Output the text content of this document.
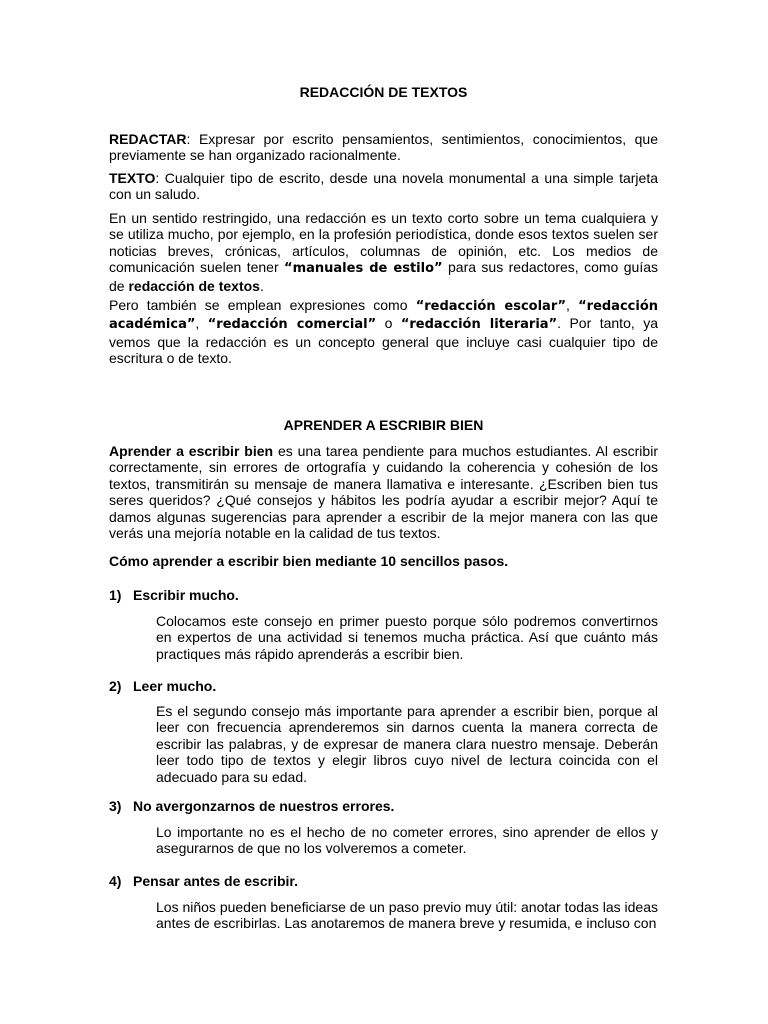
REDACCIÓN DE TEXTOS

REDACTAR: Expresar por escrito pensamientos, sentimientos, conocimientos, que previamente se han organizado racionalmente.

TEXTO: Cualquier tipo de escrito, desde una novela monumental a una simple tarjeta con un saludo.

En un sentido restringido, una redacción es un texto corto sobre un tema cualquiera y se utiliza mucho, por ejemplo, en la profesión periodística, donde esos textos suelen ser noticias breves, crónicas, artículos, columnas de opinión, etc. Los medios de comunicación suelen tener “manuales de estilo” para sus redactores, como guías de redacción de textos.

Pero también se emplean expresiones como “redacción escolar”, “redacción académica”, “redacción comercial” o “redacción literaria”. Por tanto, ya vemos que la redacción es un concepto general que incluye casi cualquier tipo de escritura o de texto.

APRENDER A ESCRIBIR BIEN

Aprender a escribir bien es una tarea pendiente para muchos estudiantes. Al escribir correctamente, sin errores de ortografía y cuidando la coherencia y cohesión de los textos, transmitirán su mensaje de manera llamativa e interesante. ¿Escriben bien tus seres queridos? ¿Qué consejos y hábitos les podría ayudar a escribir mejor? Aquí te damos algunas sugerencias para aprender a escribir de la mejor manera con las que verás una mejoría notable en la calidad de tus textos.

Cómo aprender a escribir bien mediante 10 sencillos pasos.

1) Escribir mucho.

Colocamos este consejo en primer puesto porque sólo podremos convertirnos en expertos de una actividad si tenemos mucha práctica. Así que cuánto más practiques más rápido aprenderás a escribir bien.

2) Leer mucho.

Es el segundo consejo más importante para aprender a escribir bien, porque al leer con frecuencia aprenderemos sin darnos cuenta la manera correcta de escribir las palabras, y de expresar de manera clara nuestro mensaje. Deberán leer todo tipo de textos y elegir libros cuyo nivel de lectura coincida con el adecuado para su edad.

3) No avergonzarnos de nuestros errores.

Lo importante no es el hecho de no cometer errores, sino aprender de ellos y asegurarnos de que no los volveremos a cometer.

4) Pensar antes de escribir.

Los niños pueden beneficiarse de un paso previo muy útil: anotar todas las ideas antes de escribirlas. Las anotaremos de manera breve y resumida, e incluso con
